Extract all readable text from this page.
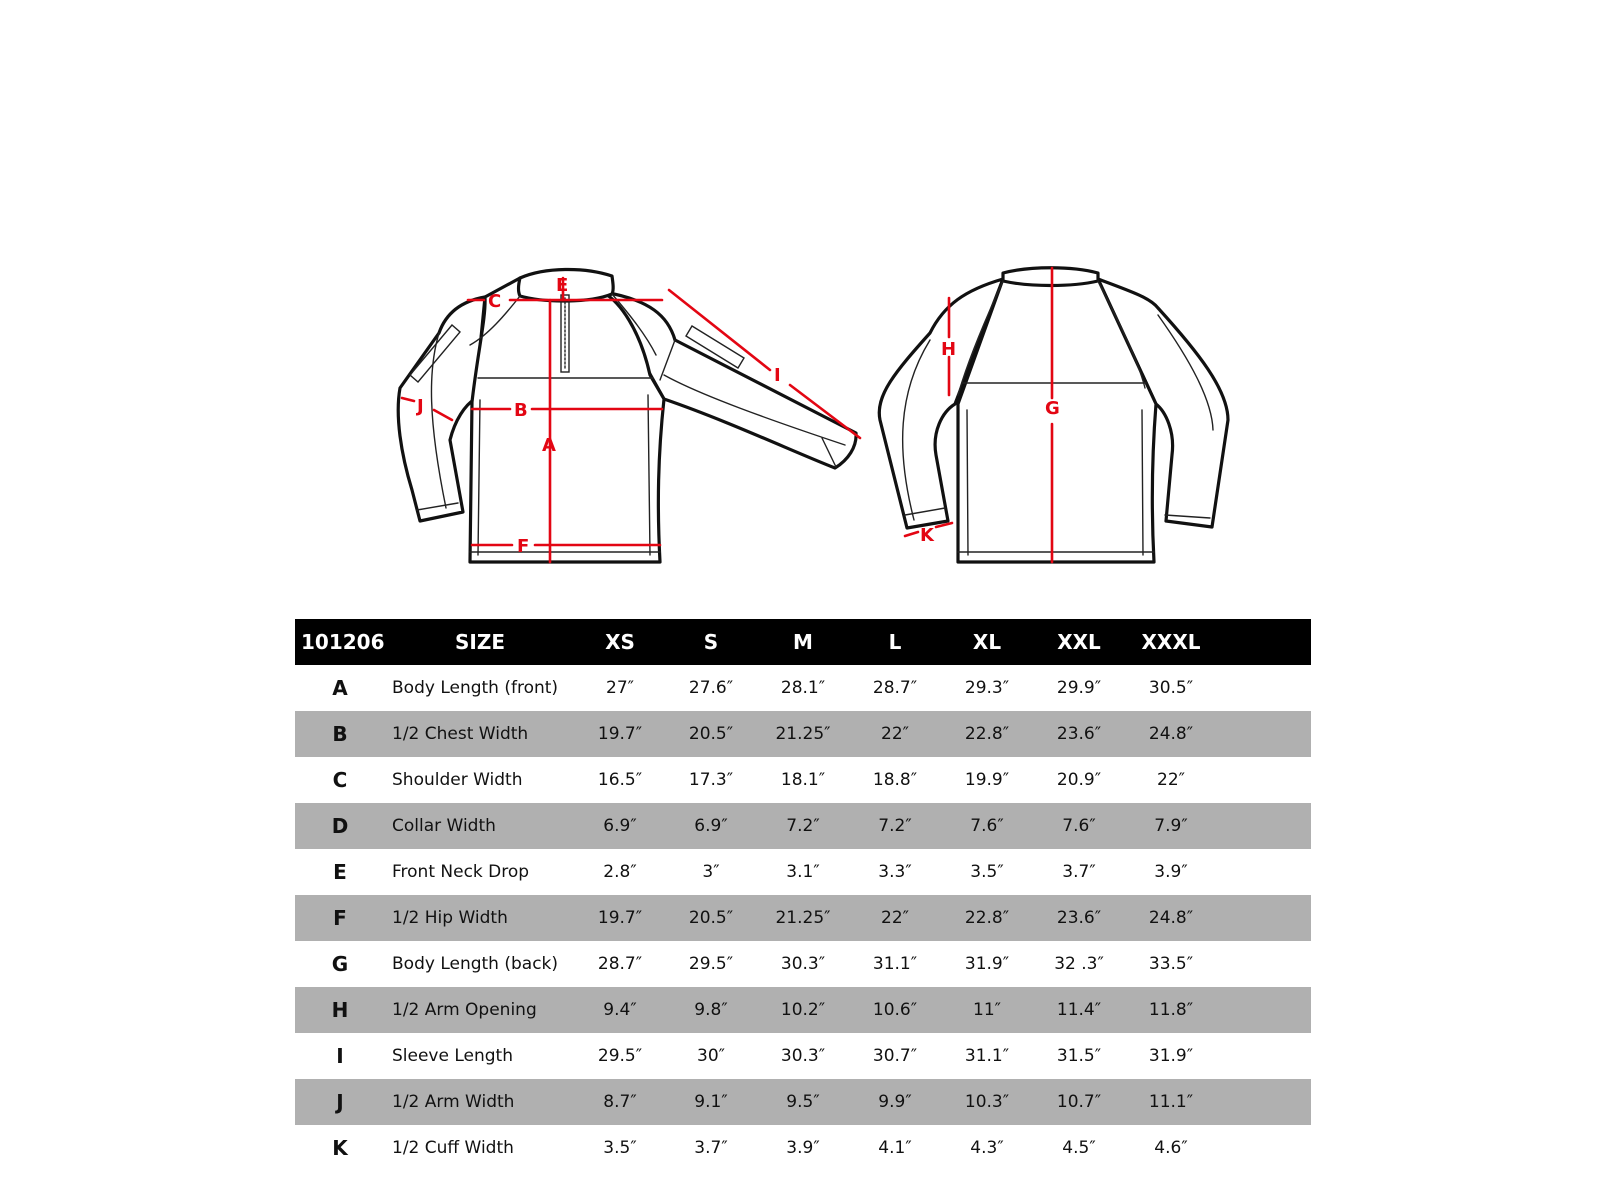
A
B
C
E
F
I
J	G
H
K
101206	SIZE	XS	S	M	L	XL	XXL	XXXL	
A	Body Length (front)	27″	27.6″	28.1″	28.7″	29.3″	29.9″	30.5″	
B	1/2 Chest Width	19.7″	20.5″	21.25″	22″	22.8″	23.6″	24.8″	
C	Shoulder Width	16.5″	17.3″	18.1″	18.8″	19.9″	20.9″	22″	
D	Collar Width	6.9″	6.9″	7.2″	7.2″	7.6″	7.6″	7.9″	
E	Front Neck Drop	2.8″	3″	3.1″	3.3″	3.5″	3.7″	3.9″	
F	1/2 Hip Width	19.7″	20.5″	21.25″	22″	22.8″	23.6″	24.8″	
G	Body Length (back)	28.7″	29.5″	30.3″	31.1″	31.9″	32 .3″	33.5″	
H	1/2 Arm Opening	9.4″	9.8″	10.2″	10.6″	11″	11.4″	11.8″	
I	Sleeve Length	29.5″	30″	30.3″	30.7″	31.1″	31.5″	31.9″	
J	1/2 Arm Width	8.7″	9.1″	9.5″	9.9″	10.3″	10.7″	11.1″	
K	1/2 Cuff Width	3.5″	3.7″	3.9″	4.1″	4.3″	4.5″	4.6″	
